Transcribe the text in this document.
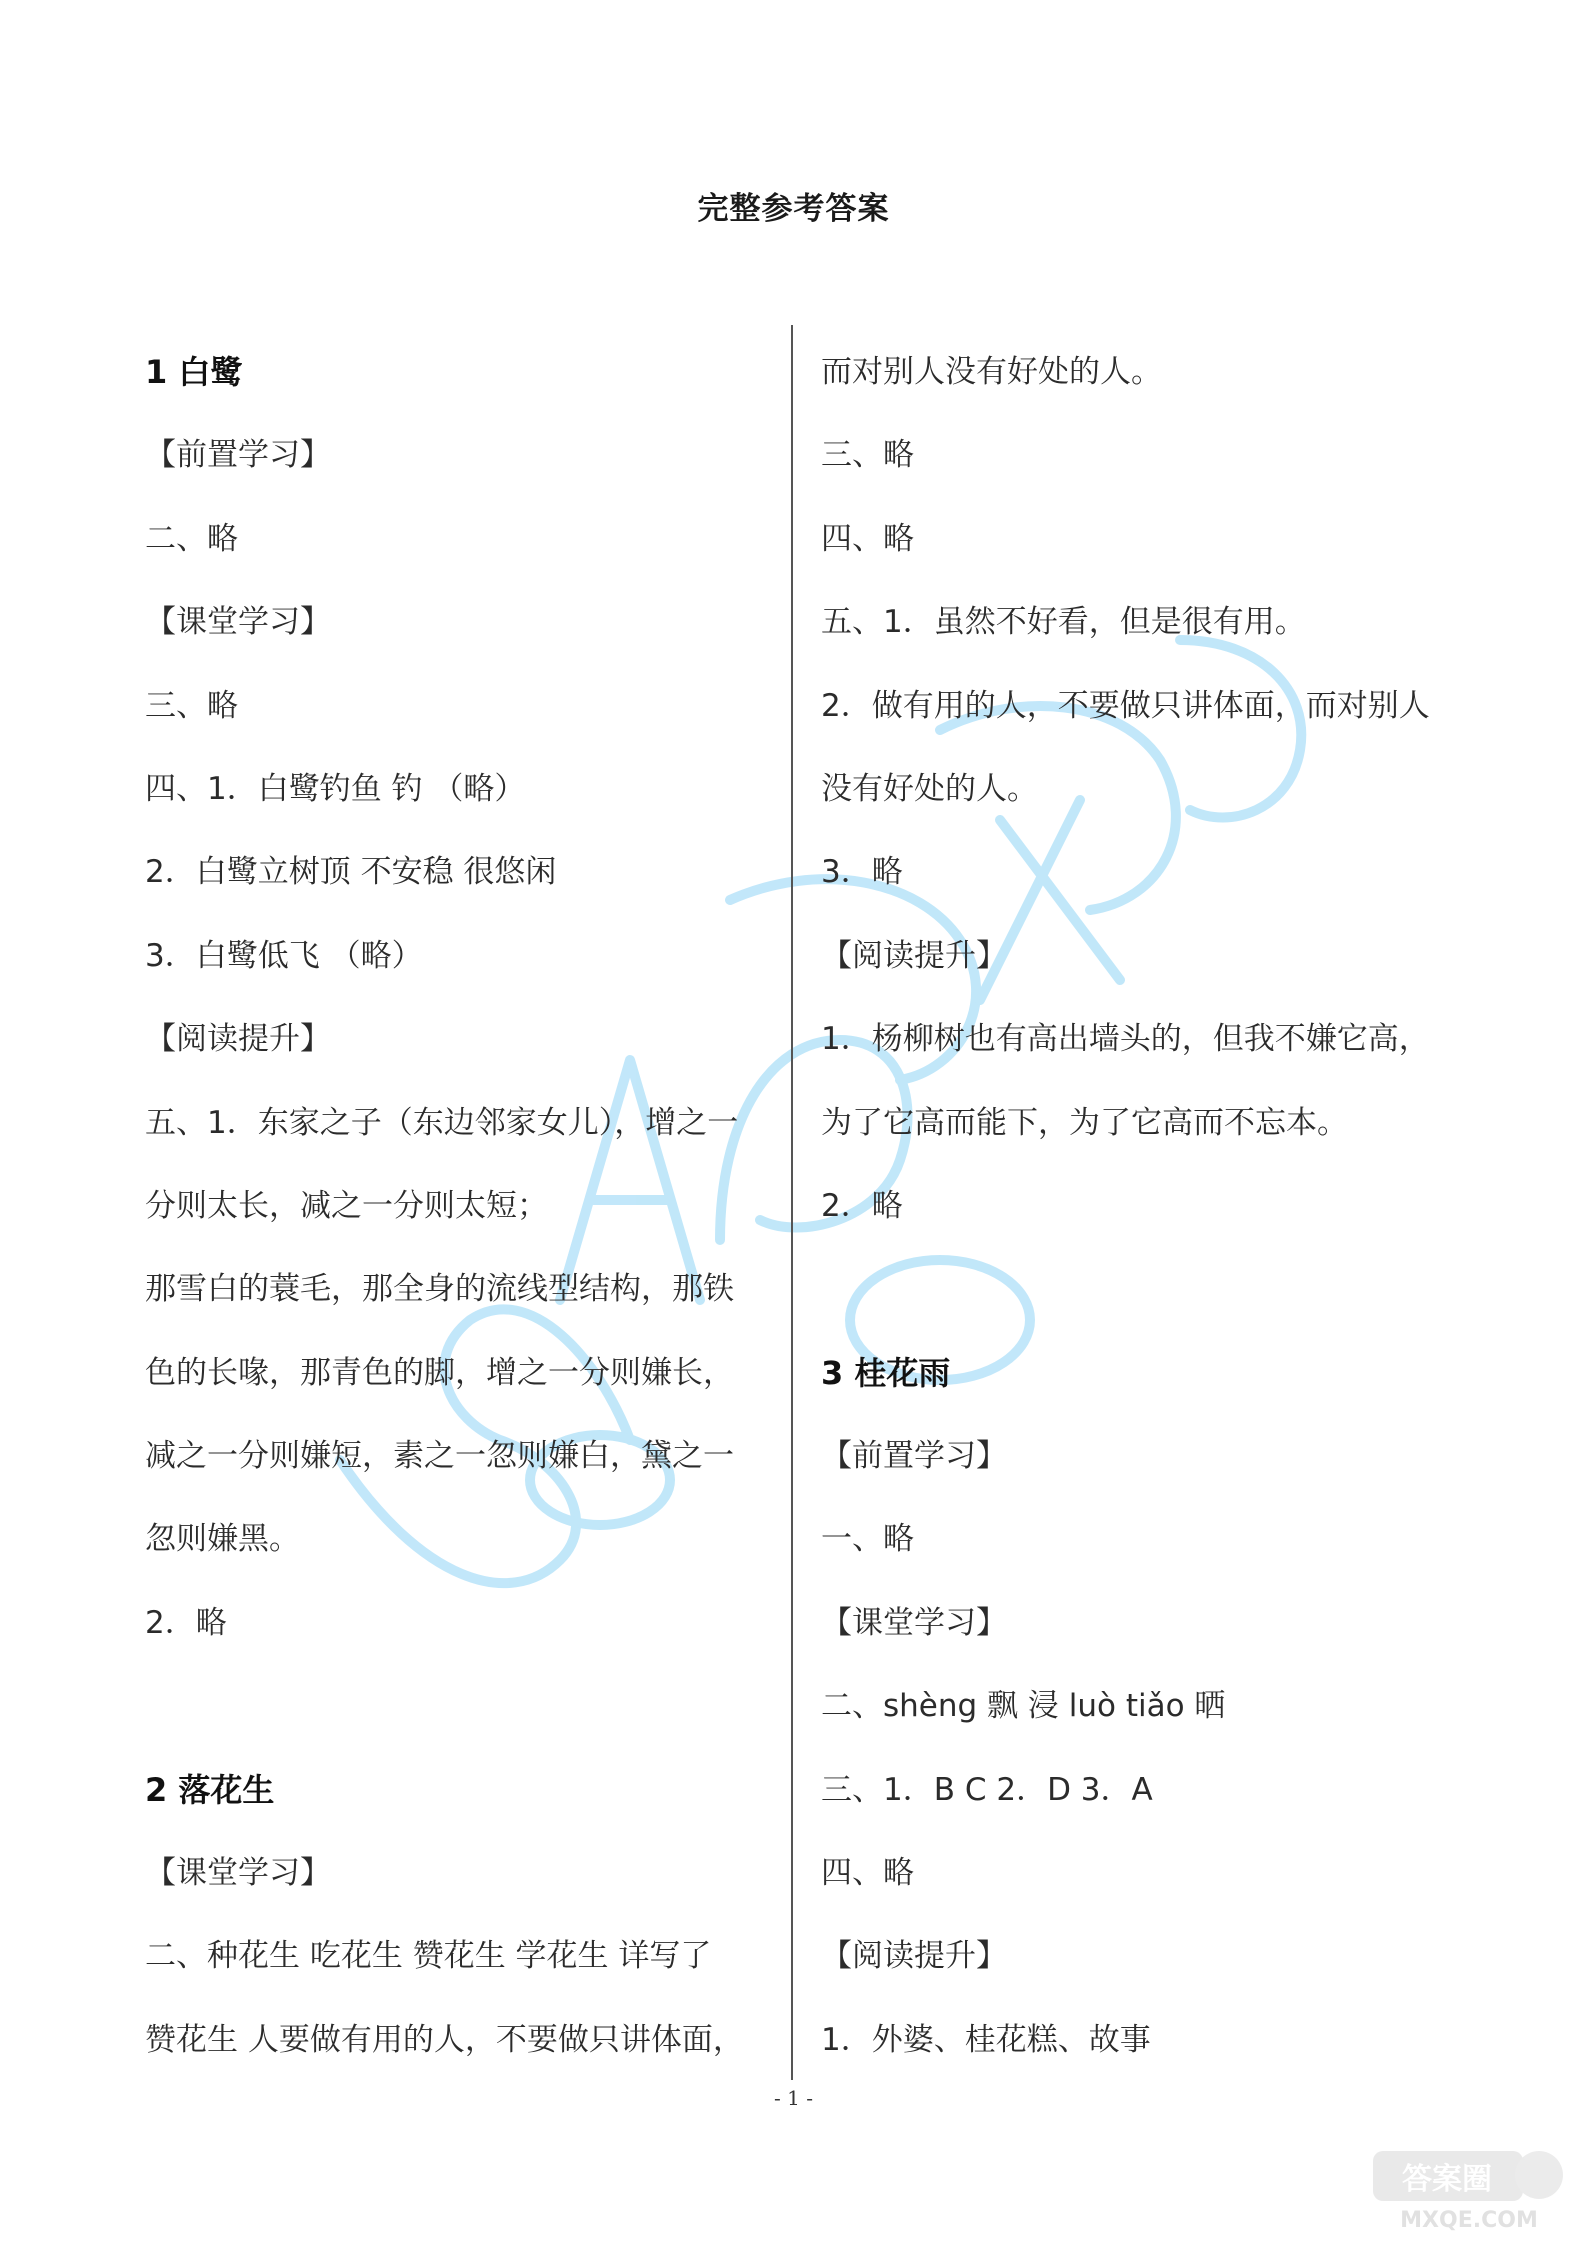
完整参考答案
1 白鹭
【前置学习】
二、略
【课堂学习】
三、略
四、1．白鹭钓鱼 钓 （略）
2．白鹭立树顶 不安稳 很悠闲
3．白鹭低飞 （略）
【阅读提升】
五、1．东家之子（东边邻家女儿），增之一
分则太长，减之一分则太短；
那雪白的蓑毛，那全身的流线型结构，那铁
色的长喙，那青色的脚，增之一分则嫌长，
减之一分则嫌短，素之一忽则嫌白，黛之一
忽则嫌黑。
2．略
2 落花生
【课堂学习】
二、种花生 吃花生 赞花生 学花生 详写了
赞花生 人要做有用的人，不要做只讲体面，
而对别人没有好处的人。
三、略
四、略
五、1．虽然不好看，但是很有用。
2．做有用的人，不要做只讲体面，而对别人
没有好处的人。
3．略
【阅读提升】
1．杨柳树也有高出墙头的，但我不嫌它高，
为了它高而能下，为了它高而不忘本。
2．略
3 桂花雨
【前置学习】
一、略
【课堂学习】
二、shèng 飘 浸 luò tiǎo 晒
三、1．B C 2．D 3．A
四、略
【阅读提升】
1．外婆、桂花糕、故事
- 1 -
答案圈
MXQE.COM
